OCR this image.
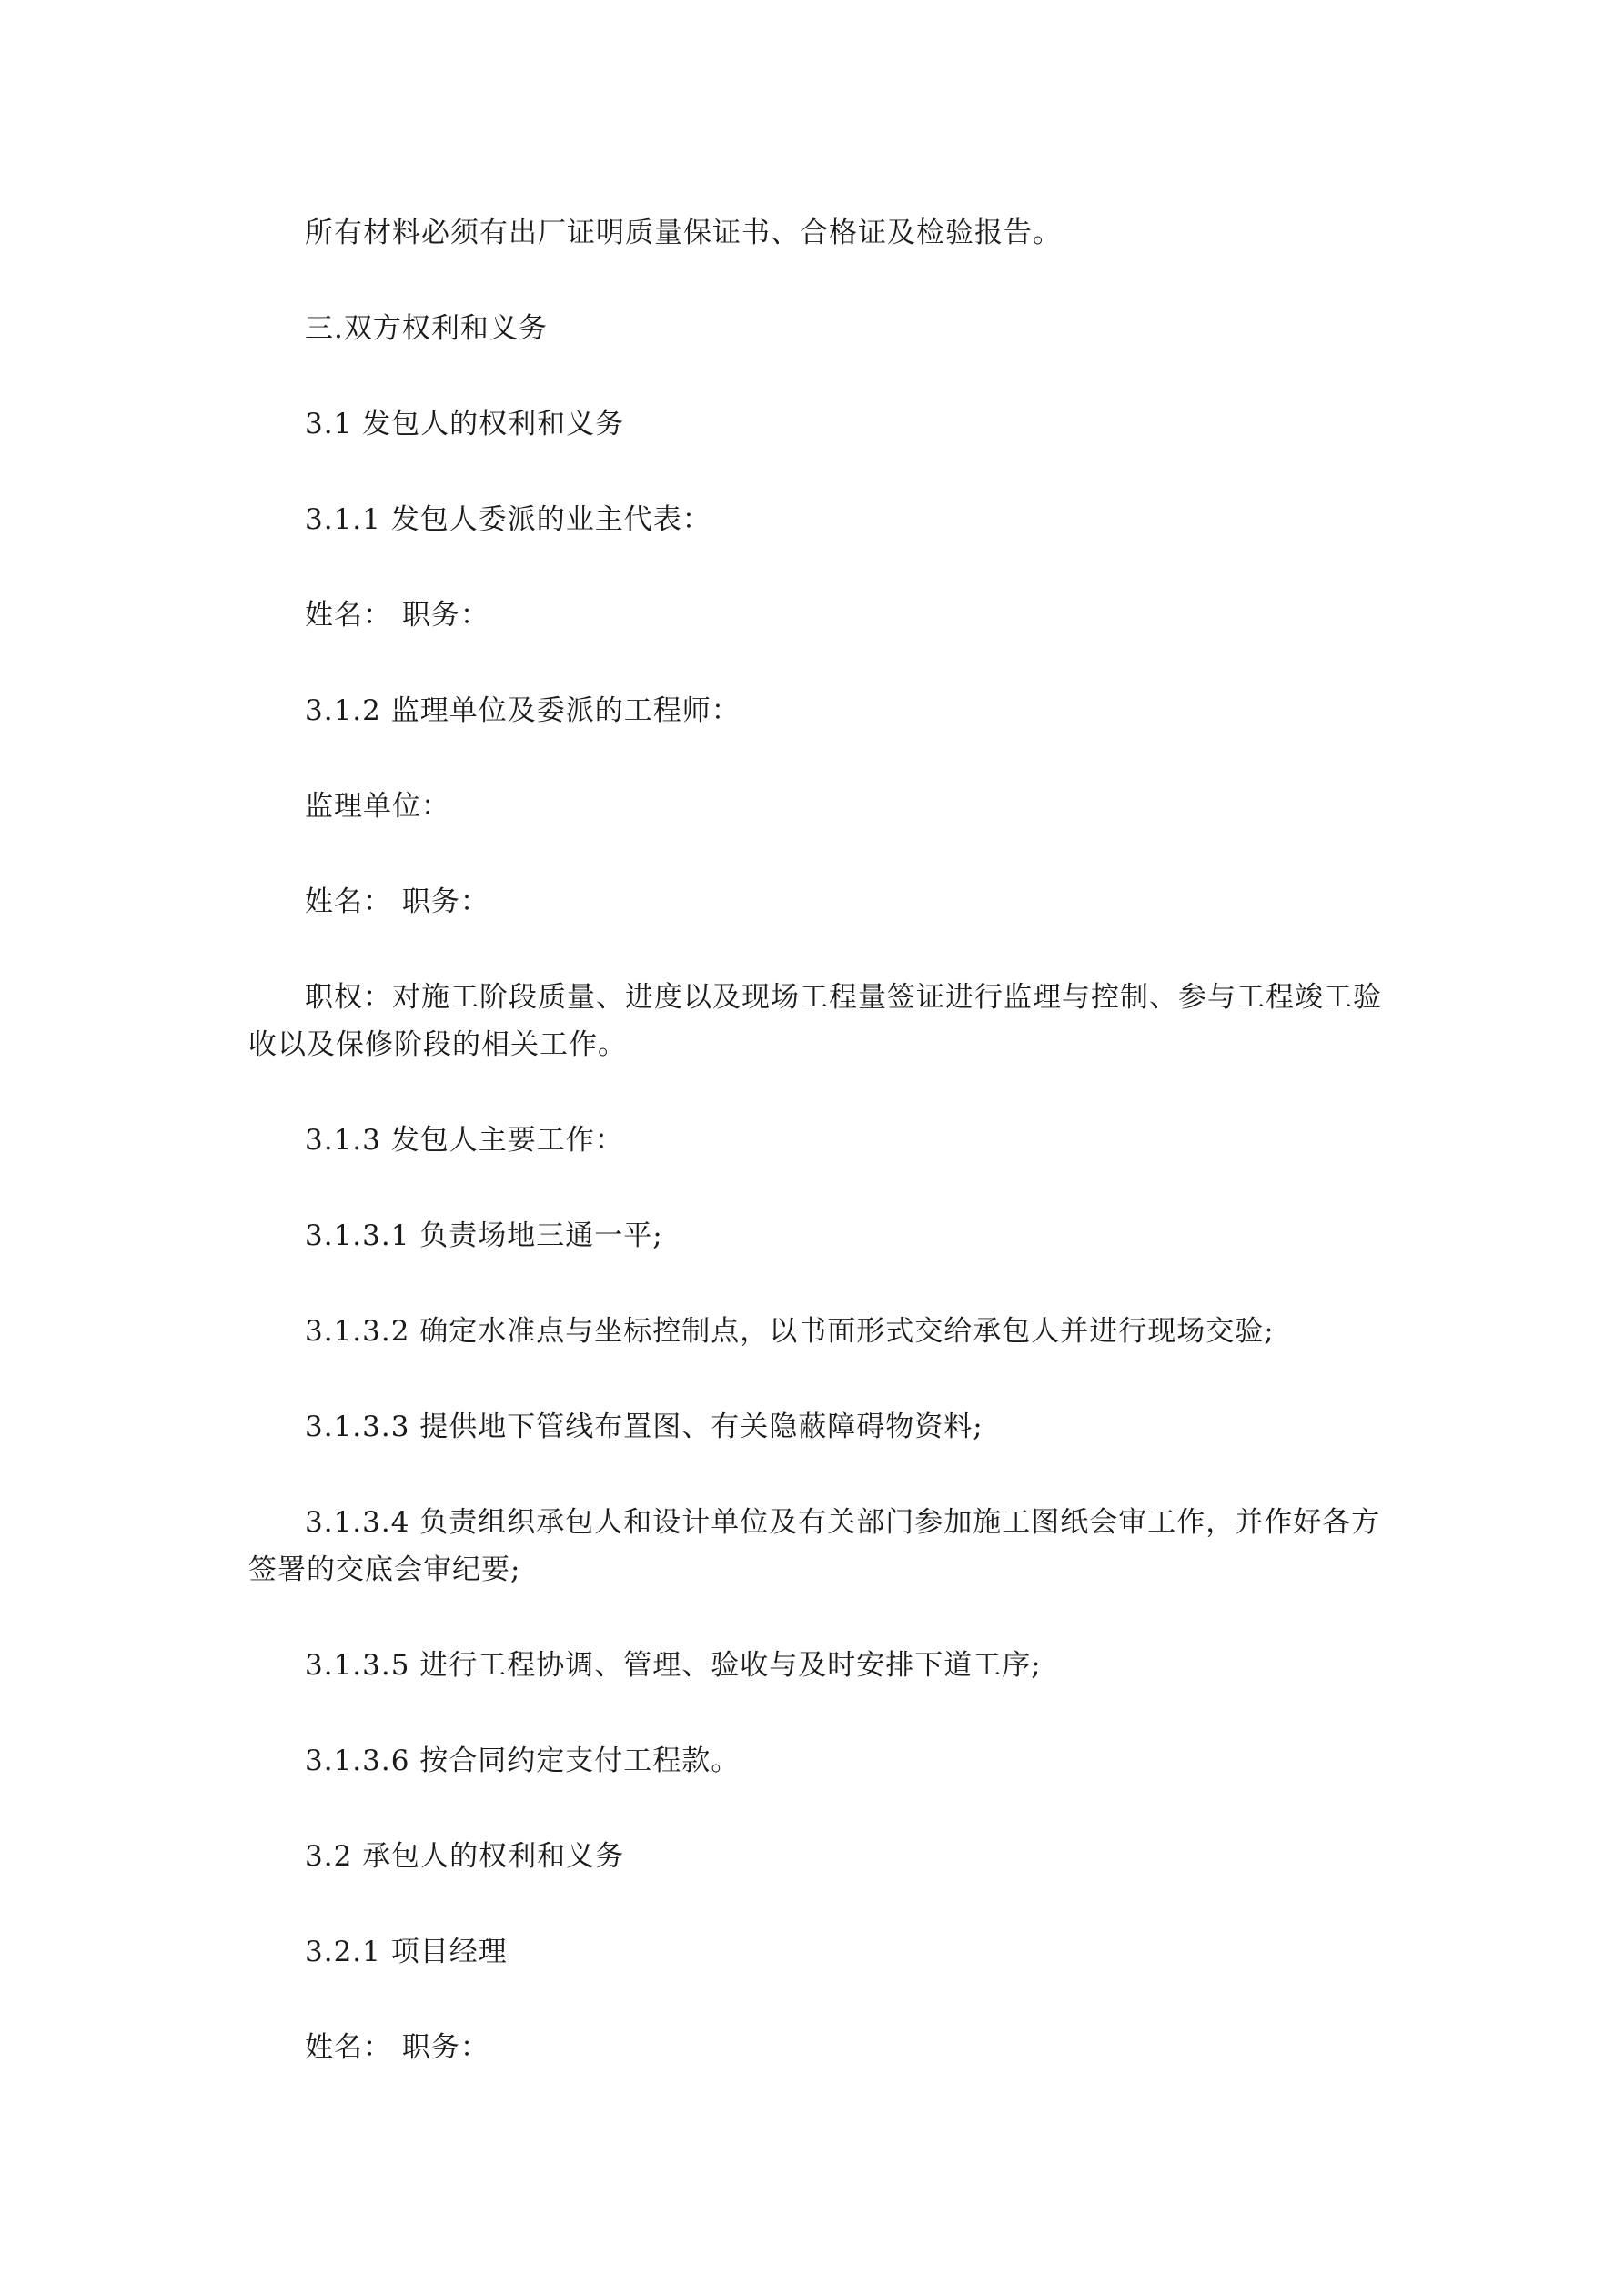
所有材料必须有出厂证明质量保证书、合格证及检验报告。

三.双方权利和义务

3.1 发包人的权利和义务

3.1.1 发包人委派的业主代表：

姓名： 职务：

3.1.2 监理单位及委派的工程师：

监理单位：

姓名： 职务：

职权：对施工阶段质量、进度以及现场工程量签证进行监理与控制、参与工程竣工验收以及保修阶段的相关工作。

3.1.3 发包人主要工作：

3.1.3.1 负责场地三通一平;

3.1.3.2 确定水准点与坐标控制点，以书面形式交给承包人并进行现场交验;

3.1.3.3 提供地下管线布置图、有关隐蔽障碍物资料;

3.1.3.4 负责组织承包人和设计单位及有关部门参加施工图纸会审工作，并作好各方签署的交底会审纪要;

3.1.3.5 进行工程协调、管理、验收与及时安排下道工序;

3.1.3.6 按合同约定支付工程款。

3.2 承包人的权利和义务

3.2.1 项目经理

姓名： 职务：
